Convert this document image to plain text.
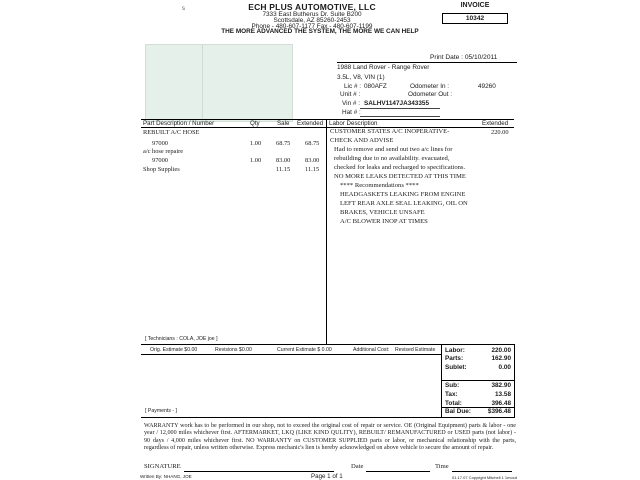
s	ECH PLUS AUTOMOTIVE, LLC
7333 East Butherus Dr. Suite B200
Scottsdale, AZ 85260-2453
Phone - 480-607-1177 Fax - 480-607-1199
THE MORE ADVANCED THE SYSTEM, THE MORE WE CAN HELP
INVOICE
10342
Print Date : 05/10/2011
1988 Land Rover - Range Rover
3.5L, V8, VIN (1)
Lic # : 080AFZ	Odometer In :	49260
Unit # :	Odometer Out :
Vin # : SALHV1147JA343355
Hat # :
Part Description / Number	Qty	Sale Extended Labor Description	Extended
REBUILT A/C HOSE
97000	1.00 68.75 68.75
a/c hose repaire
97000	1.00 83.00 83.00
Shop Supplies	11.15 11.15
220.00
CUSTOMER STATES A/C INOPERATIVE-
CHECK AND ADVISE
Had to remove and send out two a/c lines for
rebuilding due to no availability. evacuated,
checked for leaks and recharged to specifications.
NO MORE LEAKS DETECTED AT THIS TIME
**** Recommendations ****
HEADGASKETS LEAKING FROM ENGINE
LEFT REAR AXLE SEAL LEAKING, OIL ON
BRAKES, VEHICLE UNSAFE
A/C BLOWER INOP AT TIMES
[ Technicians : COLA, JOE joe ]
Orig. Estimate $0.00	Revisions $0.00	Current Estimate $ 0.00	Additional Cost: Revised Estimate
[ Payments - ]
Labor:	220.00
Parts:	162.90
Sublet:	0.00
Sub:	382.90
Tax:	13.58
Total:	396.48
Bal Due:	$396.48
WARRANTY work has to be performed in our shop, not to exceed the original cost of repair or service. OE (Original Equipment) parts & labor - one year / 12,000 miles whichever first. AFTERMARKET, LKQ (LIKE KIND QULITY), REBUILT/ REMANUFACTURED or USED parts (not labor) - 90 days / 4,000 miles whichever first. NO WARRANTY on CUSTOMER SUPPLIED parts or labor, or mechanical relationship with the parts, regardless of repair, unless written otherwise. Express mechanic's lien is hereby acknowledged on above vehicle to secure the amount of repair.
SIGNATURE	Date	Time
Written By: NHANG, JOE	Page 1 of 1	01.17.07 Copyright Mitchell 1 1mocd
